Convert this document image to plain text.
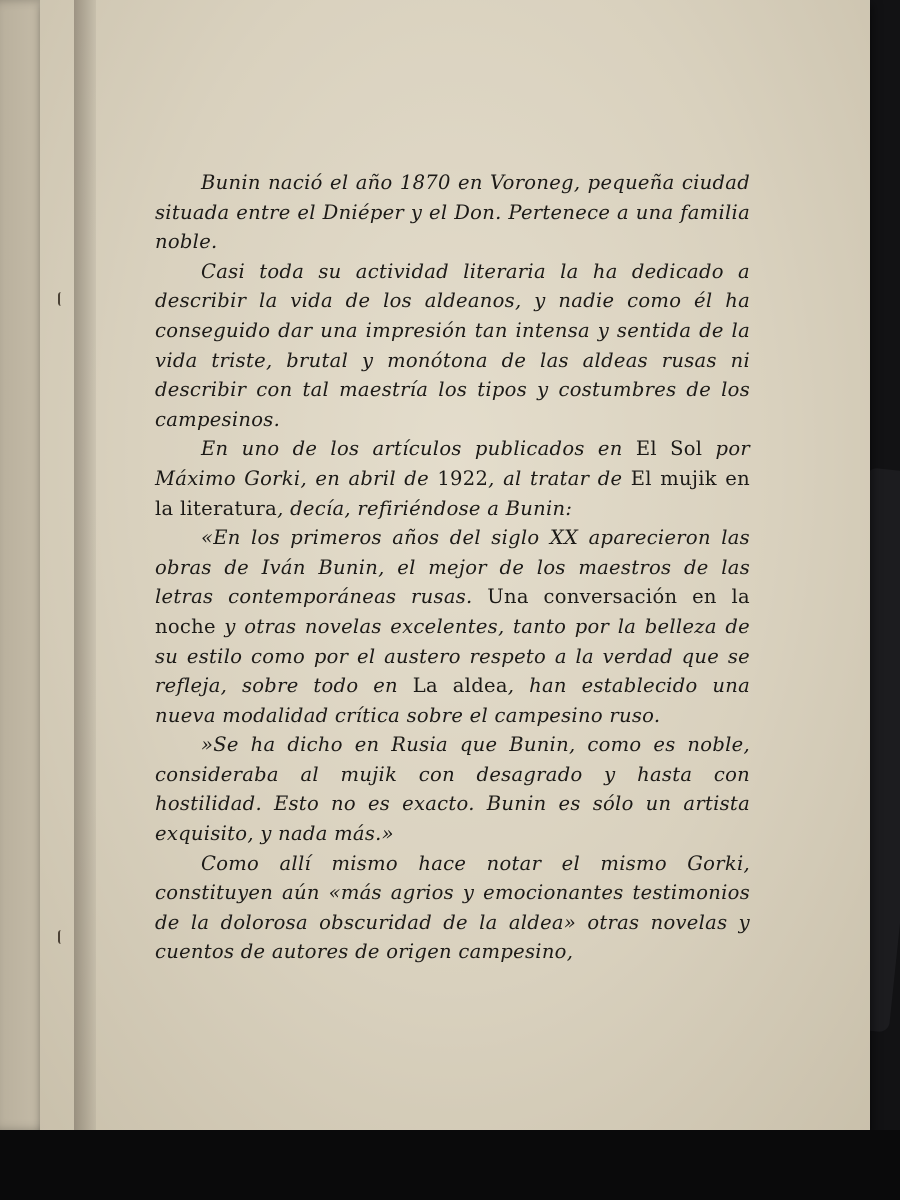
Bunin nació el año 1870 en Voroneg, pequeña ciudad situada entre el Dniéper y el Don. Pertenece a una familia noble.

Casi toda su actividad literaria la ha dedicado a describir la vida de los aldeanos, y nadie como él ha conseguido dar una impresión tan intensa y sentida de la vida triste, brutal y monótona de las aldeas rusas ni describir con tal maestría los tipos y costumbres de los campesinos.

En uno de los artículos publicados en El Sol por Máximo Gorki, en abril de 1922, al tratar de El mujik en la literatura, decía, refiriéndose a Bunin:

«En los primeros años del siglo XX aparecieron las obras de Iván Bunin, el mejor de los maestros de las letras contemporáneas rusas. Una conversación en la noche y otras novelas excelentes, tanto por la belleza de su estilo como por el austero respeto a la verdad que se refleja, sobre todo en La aldea, han establecido una nueva modalidad crítica sobre el campesino ruso.

»Se ha dicho en Rusia que Bunin, como es noble, consideraba al mujik con desagrado y hasta con hostilidad. Esto no es exacto. Bunin es sólo un artista exquisito, y nada más.»

Como allí mismo hace notar el mismo Gorki, constituyen aún «más agrios y emocionantes testimonios de la dolorosa obscuridad de la aldea» otras novelas y cuentos de autores de origen campesino,
